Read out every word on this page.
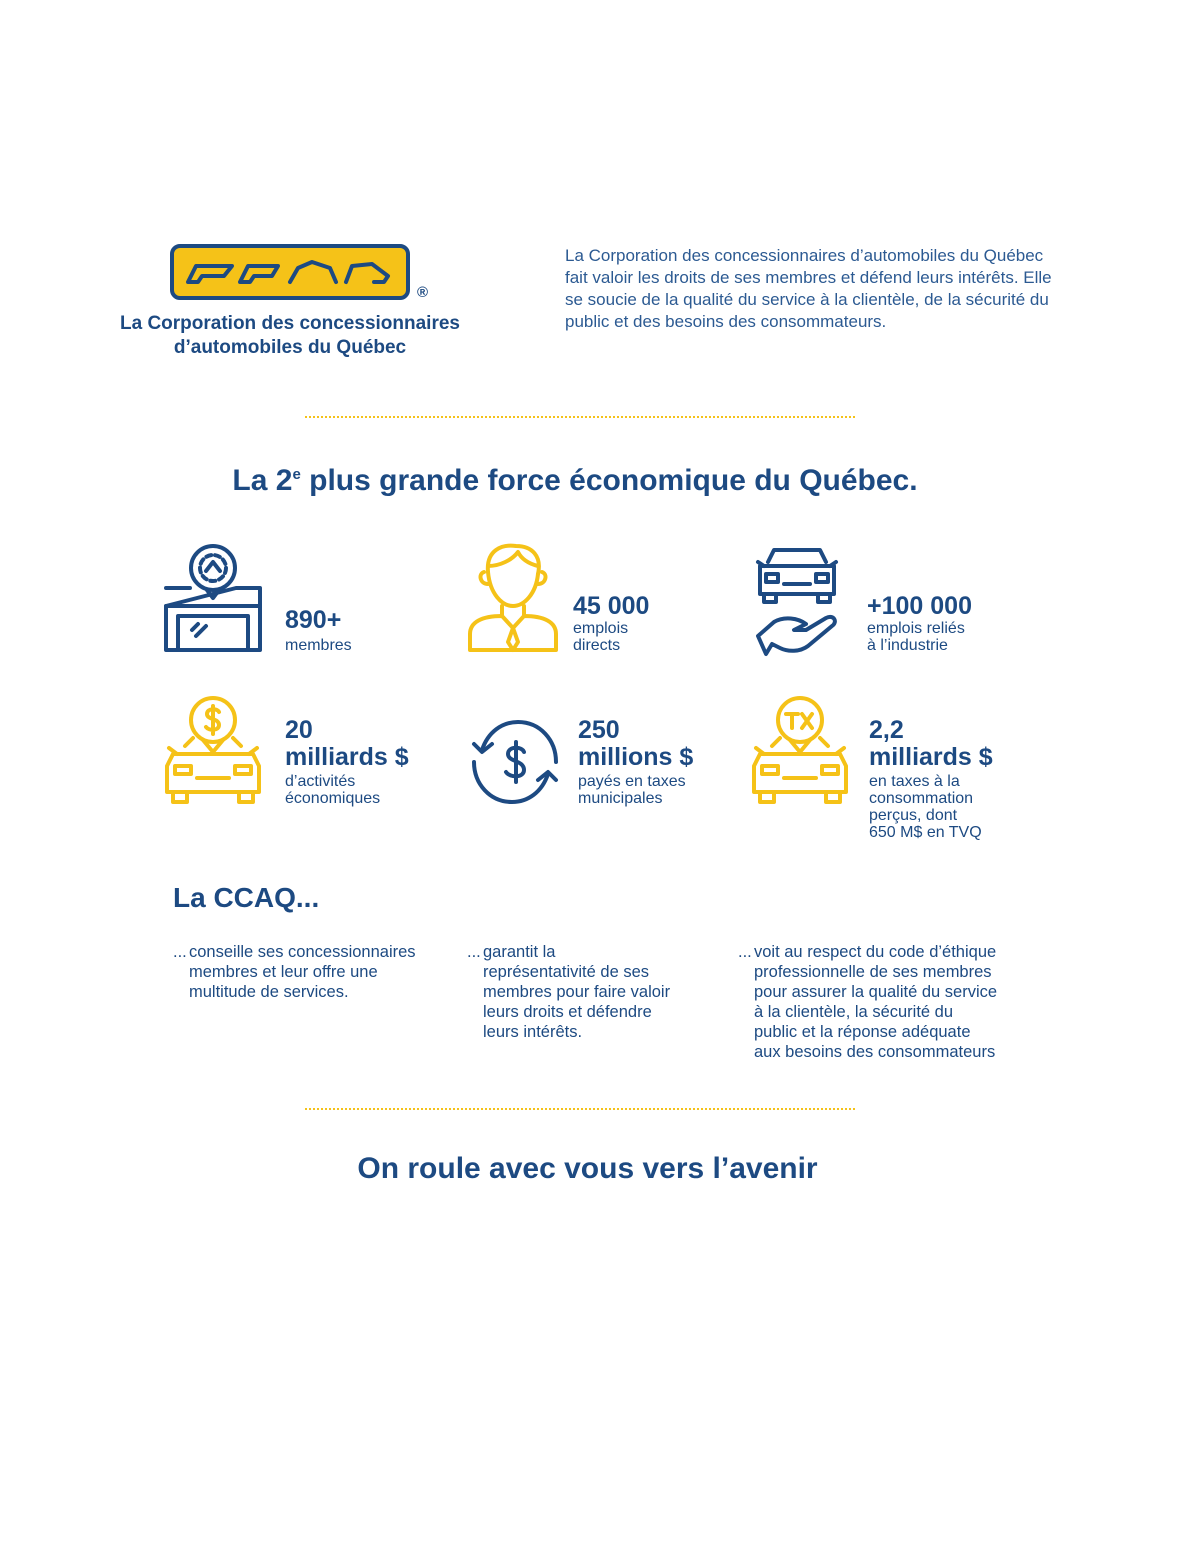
®
La Corporation des concessionnaires
d’automobiles du Québec
La Corporation des concessionnaires d’automobiles du Québec fait valoir les droits de ses membres et défend leurs intérêts. Elle se soucie de la qualité du service à la clientèle, de la sécurité du public et des besoins des consommateurs.
La 2e plus grande force économique du Québec.
890+
membres
45 000
emplois
directs
+100 000
emplois reliés
à l’industrie
20
milliards $
d’activités
économiques
250
millions $
payés en taxes
municipales
2,2
milliards $
en taxes à la
consommation
perçus, dont
650 M$ en TVQ
La CCAQ...
... conseille ses concessionnaires
membres et leur offre une
multitude de services.
... garantit la
représentativité de ses
membres pour faire valoir
leurs droits et défendre
leurs intérêts.
... voit au respect du code d’éthique
professionnelle de ses membres
pour assurer la qualité du service
à la clientèle, la sécurité du
public et la réponse adéquate
aux besoins des consommateurs
On roule avec vous vers l’avenir
